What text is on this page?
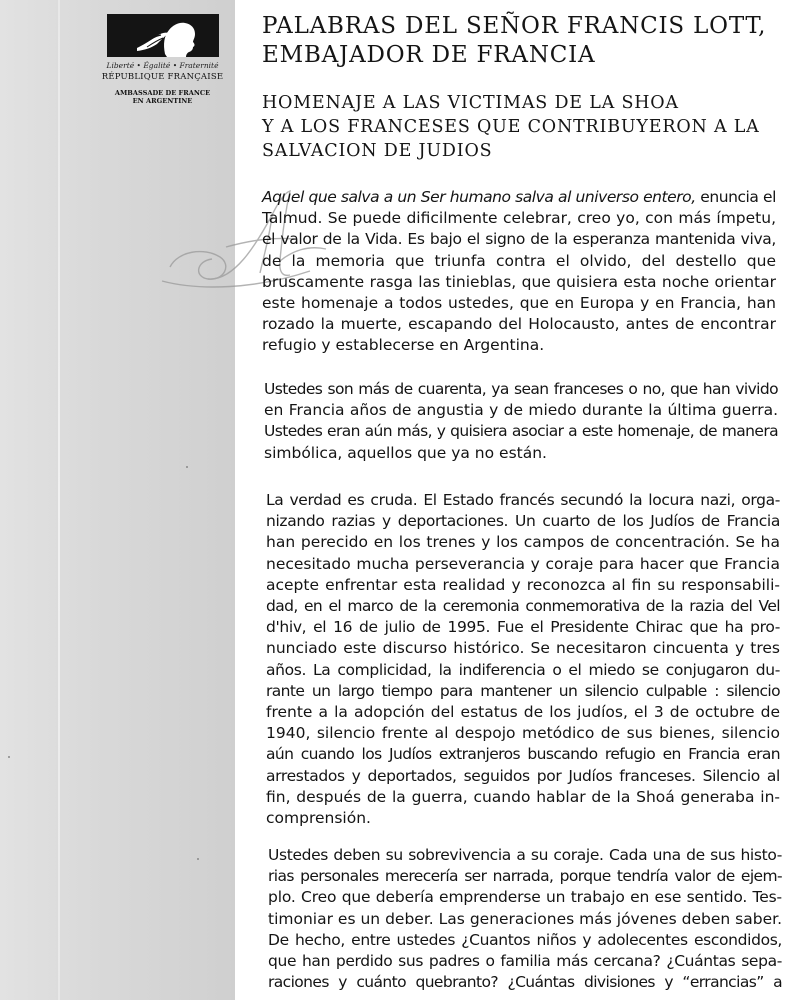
Liberté • Égalité • Fraternité
RÉPUBLIQUE FRANÇAISE
AMBASSADE DE FRANCE
EN ARGENTINE
PALABRAS DEL SEÑOR FRANCIS LOTT,
EMBAJADOR DE FRANCIA
HOMENAJE A LAS VICTIMAS DE LA SHOA
Y A LOS FRANCESES QUE CONTRIBUYERON A LA
SALVACION DE JUDIOS

Aquel que salva a un Ser humano salva al universo entero, enuncia el
Talmud. Se puede dificilmente celebrar, creo yo, con más ímpetu,
el valor de la Vida. Es bajo el signo de la esperanza mantenida viva,
de la memoria que triunfa contra el olvido, del destello que
bruscamente rasga las tinieblas, que quisiera esta noche orientar
este homenaje a todos ustedes, que en Europa y en Francia, han
rozado la muerte, escapando del Holocausto, antes de encontrar
refugio y establecerse en Argentina.

Ustedes son más de cuarenta, ya sean franceses o no, que han vivido
en Francia años de angustia y de miedo durante la última guerra.
Ustedes eran aún más, y quisiera asociar a este homenaje, de manera
simbólica, aquellos que ya no están.

La verdad es cruda. El Estado francés secundó la locura nazi, orga-
nizando razias y deportaciones. Un cuarto de los Judíos de Francia
han perecido en los trenes y los campos de concentración. Se ha
necesitado mucha perseverancia y coraje para hacer que Francia
acepte enfrentar esta realidad y reconozca al fin su responsabili-
dad, en el marco de la ceremonia conmemorativa de la razia del Vel
d'hiv, el 16 de julio de 1995. Fue el Presidente Chirac que ha pro-
nunciado este discurso histórico. Se necesitaron cincuenta y tres
años. La complicidad, la indiferencia o el miedo se conjugaron du-
rante un largo tiempo para mantener un silencio culpable : silencio
frente a la adopción del estatus de los judíos, el 3 de octubre de
1940, silencio frente al despojo metódico de sus bienes, silencio
aún cuando los Judíos extranjeros buscando refugio en Francia eran
arrestados y deportados, seguidos por Judíos franceses. Silencio al
fin, después de la guerra, cuando hablar de la Shoá generaba in-
comprensión.

Ustedes deben su sobrevivencia a su coraje. Cada una de sus histo-
rias personales merecería ser narrada, porque tendría valor de ejem-
plo. Creo que debería emprenderse un trabajo en ese sentido. Tes-
timoniar es un deber. Las generaciones más jóvenes deben saber.
De hecho, entre ustedes ¿Cuantos niños y adolecentes escondidos,
que han perdido sus padres o familia más cercana? ¿Cuántas sepa-
raciones y cuánto quebranto? ¿Cuántas divisiones y “errancias” a
